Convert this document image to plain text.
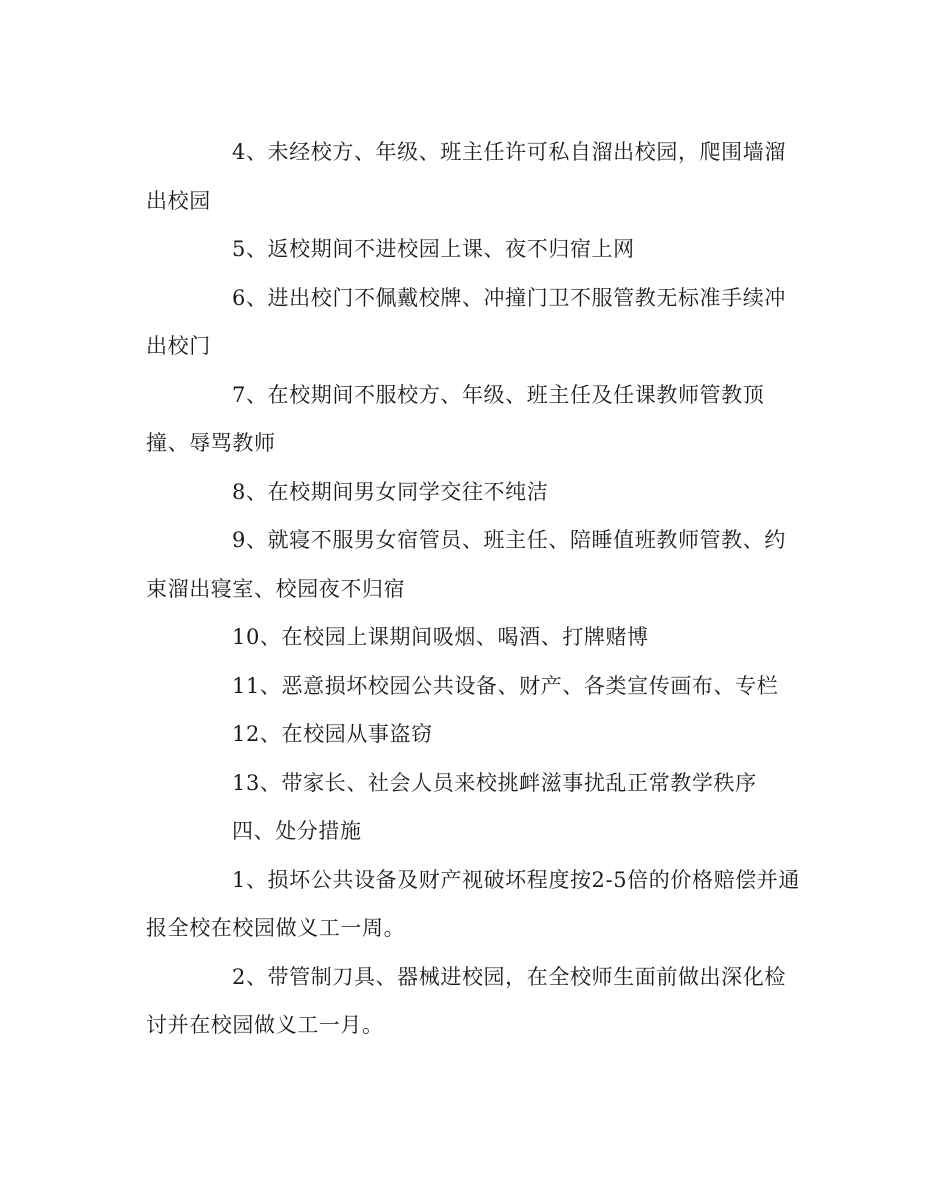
4、未经校方、年级、班主任许可私自溜出校园，爬围墙溜出校园

5、返校期间不进校园上课、夜不归宿上网

6、进出校门不佩戴校牌、冲撞门卫不服管教无标准手续冲出校门

7、在校期间不服校方、年级、班主任及任课教师管教顶撞、辱骂教师

8、在校期间男女同学交往不纯洁

9、就寝不服男女宿管员、班主任、陪睡值班教师管教、约束溜出寝室、校园夜不归宿

10、在校园上课期间吸烟、喝酒、打牌赌博

11、恶意损坏校园公共设备、财产、各类宣传画布、专栏

12、在校园从事盗窃

13、带家长、社会人员来校挑衅滋事扰乱正常教学秩序

四、处分措施

1、损坏公共设备及财产视破坏程度按2-5倍的价格赔偿并通报全校在校园做义工一周。

2、带管制刀具、器械进校园，在全校师生面前做出深化检讨并在校园做义工一月。
